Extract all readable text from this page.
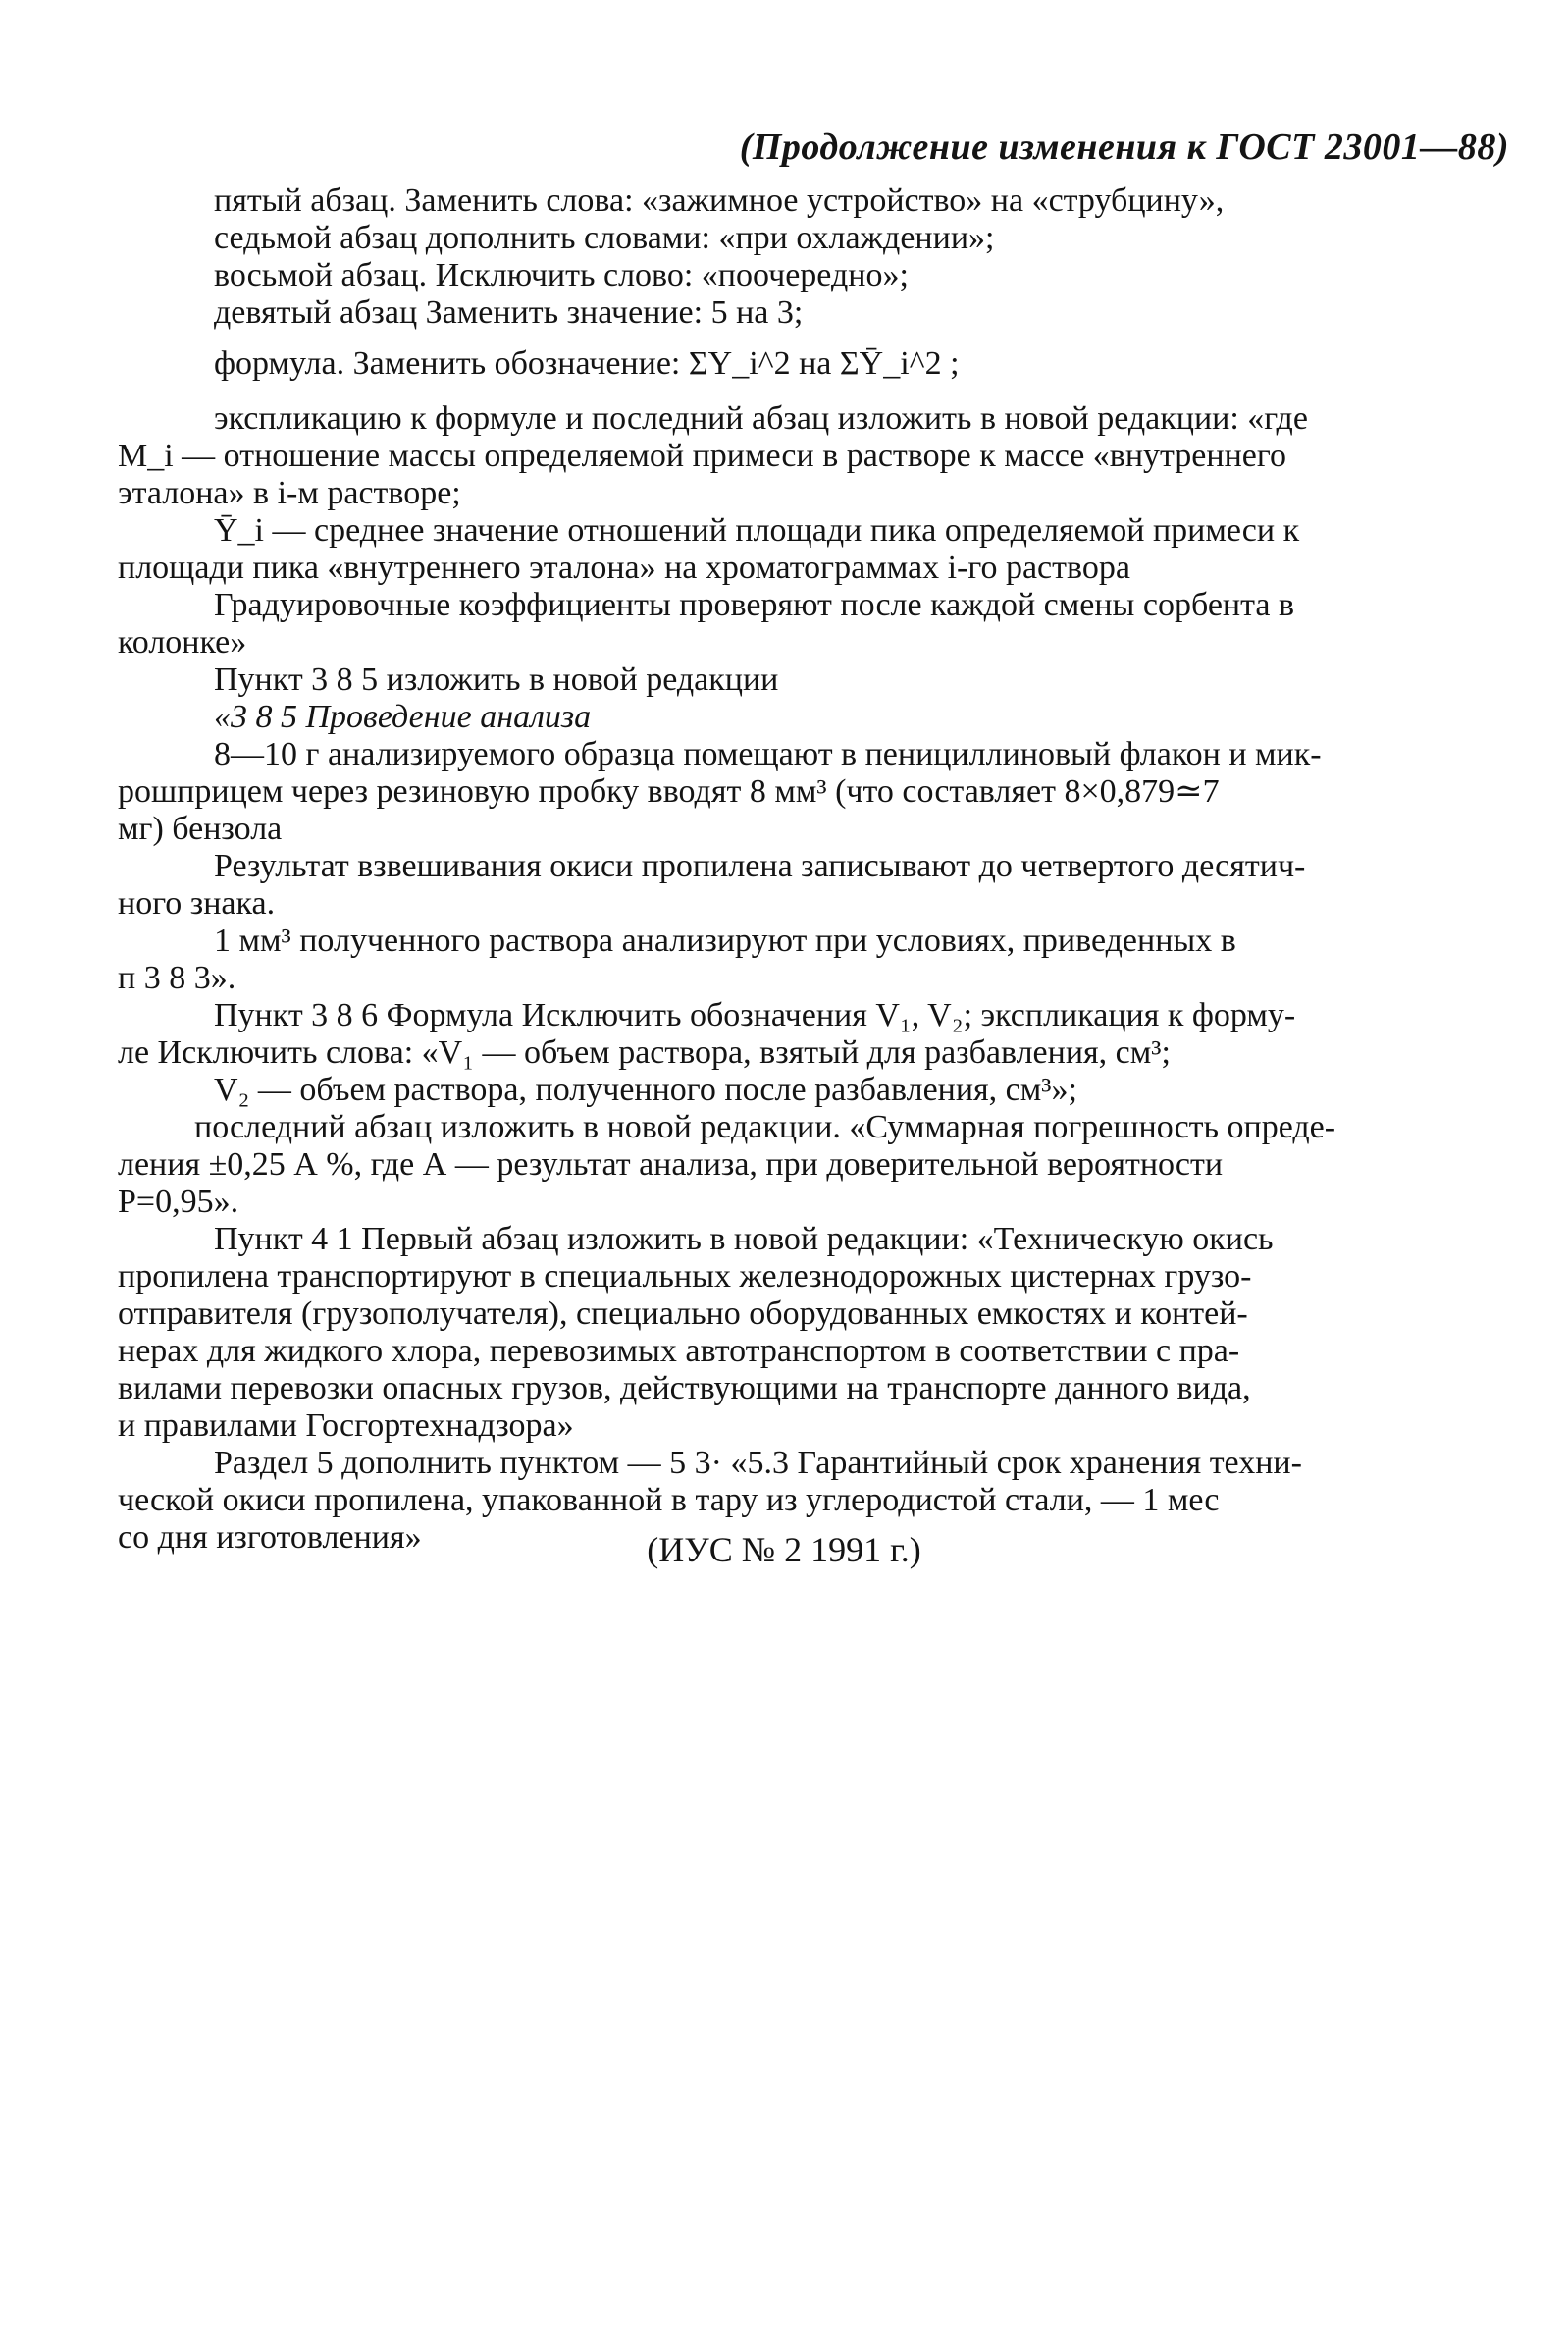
(Продолжение изменения к ГОСТ 23001—88)
пятый абзац. Заменить слова: «зажимное устройство» на «струбцину»,
седьмой абзац дополнить словами: «при охлаждении»;
восьмой абзац. Исключить слово: «поочередно»;
девятый абзац Заменить значение: 5 на 3;
формула. Заменить обозначение: ΣY_i^2 на ΣȲ_i^2 ;
экспликацию к формуле и последний абзац изложить в новой редакции: «где
M_i — отношение массы определяемой примеси в растворе к массе «внутреннего
эталона» в i-м растворе;
Ȳ_i — среднее значение отношений площади пика определяемой примеси к
площади пика «внутреннего эталона» на хроматограммах i-го раствора
Градуировочные коэффициенты проверяют после каждой смены сорбента в
колонке»
Пункт 3 8 5 изложить в новой редакции
«3 8 5 Проведение анализа
8—10 г анализируемого образца помещают в пенициллиновый флакон и мик-
рошприцем через резиновую пробку вводят 8 мм³ (что составляет 8×0,879≃7
мг) бензола
Результат взвешивания окиси пропилена записывают до четвертого десятич-
ного знака.
1 мм³ полученного раствора анализируют при условиях, приведенных в
п 3 8 3».
Пункт 3 8 6 Формула Исключить обозначения V₁, V₂; экспликация к форму-
ле Исключить слова: «V₁ — объем раствора, взятый для разбавления, см³;
V₂ — объем раствора, полученного после разбавления, см³»;
последний абзац изложить в новой редакции. «Суммарная погрешность опреде-
ления ±0,25 А %, где А — результат анализа, при доверительной вероятности
P=0,95».
Пункт 4 1 Первый абзац изложить в новой редакции: «Техническую окись
пропилена транспортируют в специальных железнодорожных цистернах грузо-
отправителя (грузополучателя), специально оборудованных емкостях и контей-
нерах для жидкого хлора, перевозимых автотранспортом в соответствии с пра-
вилами перевозки опасных грузов, действующими на транспорте данного вида,
и правилами Госгортехнадзора»
Раздел 5 дополнить пунктом — 5 3· «5.3 Гарантийный срок хранения техни-
ческой окиси пропилена, упакованной в тару из углеродистой стали, — 1 мес
со дня изготовления»	(ИУС № 2 1991 г.)
